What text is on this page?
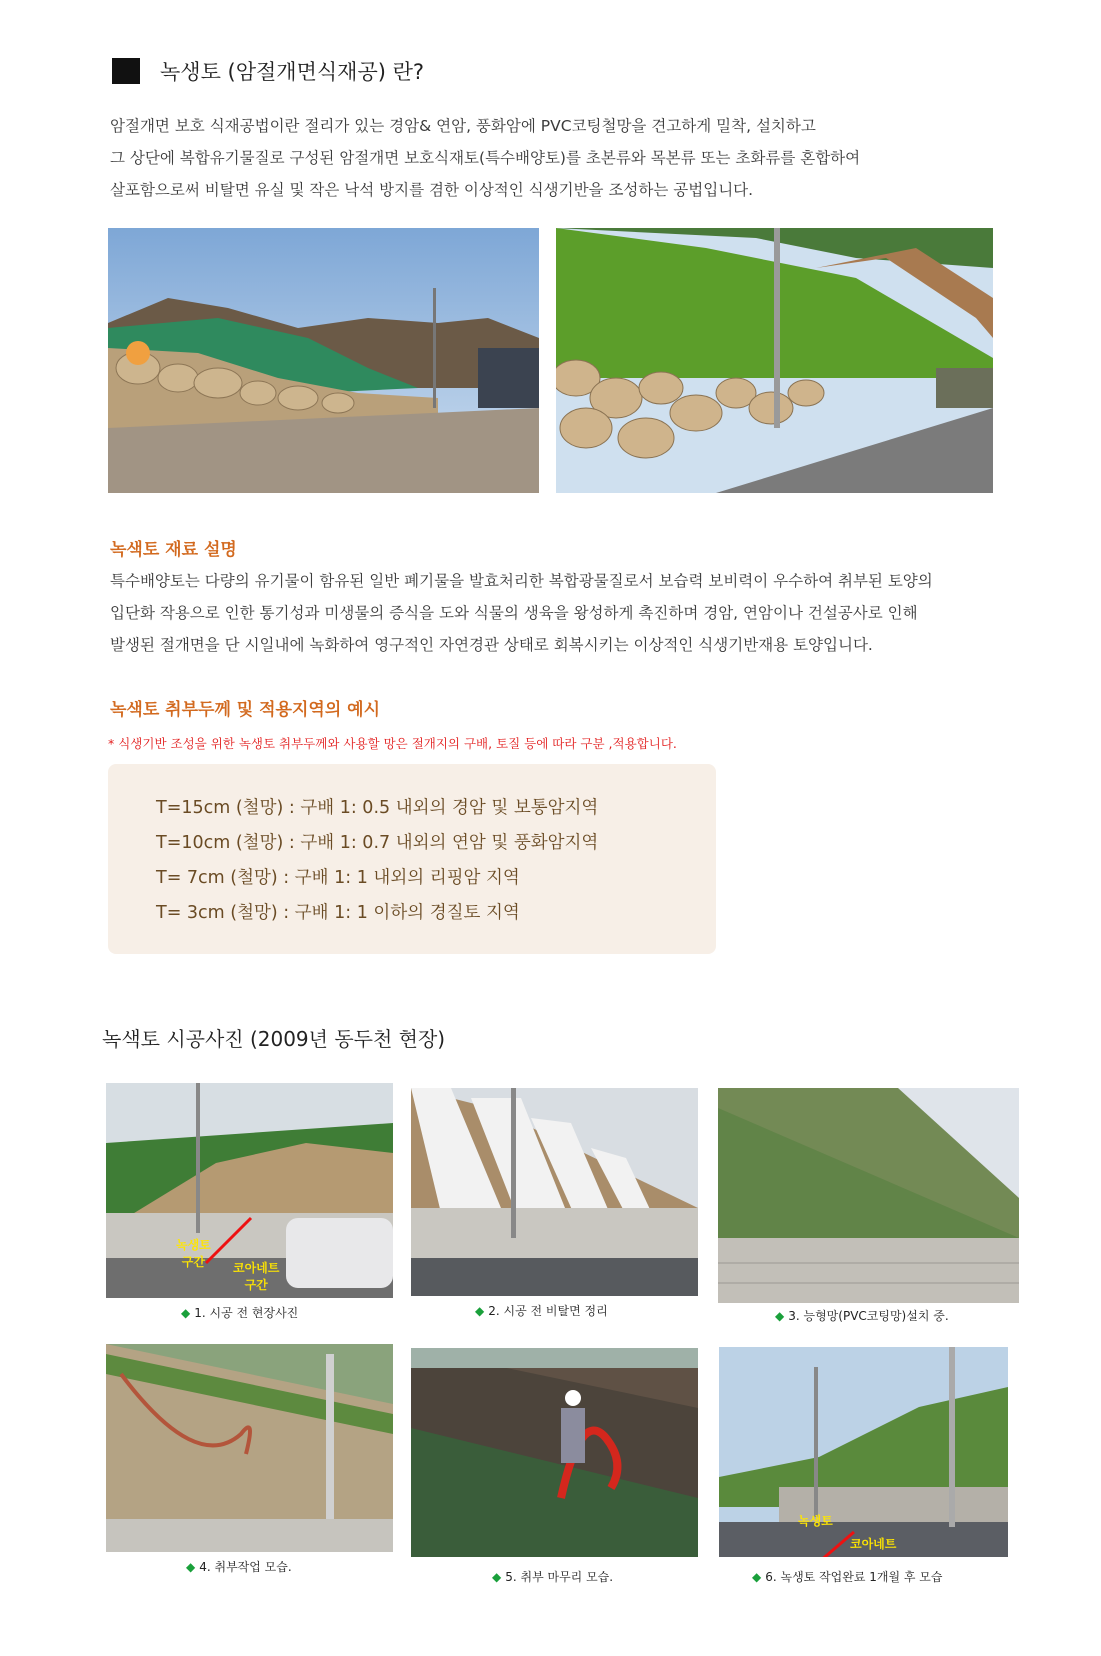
녹생토 (암절개면식재공) 란?
암절개면 보호 식재공법이란 절리가 있는 경암& 연암, 풍화암에 PVC코팅철망을 견고하게 밀착, 설치하고
그 상단에 복합유기물질로 구성된 암절개면 보호식재토(특수배양토)를 초본류와 목본류 또는 초화류를 혼합하여
살포함으로써 비탈면 유실 및 작은 낙석 방지를 겸한 이상적인 식생기반을 조성하는 공법입니다.
녹색토 재료 설명
특수배양토는 다량의 유기물이 함유된 일반 폐기물을 발효처리한 복합광물질로서 보습력 보비력이 우수하여 취부된 토양의
입단화 작용으로 인한 통기성과 미생물의 증식을 도와 식물의 생육을 왕성하게 촉진하며 경암, 연암이나 건설공사로 인해
발생된 절개면을 단 시일내에 녹화하여 영구적인 자연경관 상태로 회복시키는 이상적인 식생기반재용 토양입니다.
녹색토 취부두께 및 적용지역의 예시
* 식생기반 조성을 위한 녹생토 취부두께와 사용할 망은 절개지의 구배, 토질 등에 따라 구분 ,적용합니다.
T=15cm (철망) : 구배 1: 0.5 내외의 경암 및 보통암지역
T=10cm (철망) : 구배 1: 0.7 내외의 연암 및 풍화암지역
T= 7cm (철망) : 구배 1: 1 내외의 리핑암 지역
T= 3cm (철망) : 구배 1: 1 이하의 경질토 지역
녹색토 시공사진 (2009년 동두천 현장)
녹생토
구간	코아네트
구간
◆ 1. 시공 전 현장사진	◆ 2. 시공 전 비탈면 정리	◆ 3. 능형망(PVC코팅망)설치 중.
◆ 4. 취부작업 모습.
◆ 5. 취부 마무리 모습.
녹생토
코아네트
◆ 6. 녹생토 작업완료 1개월 후 모습
